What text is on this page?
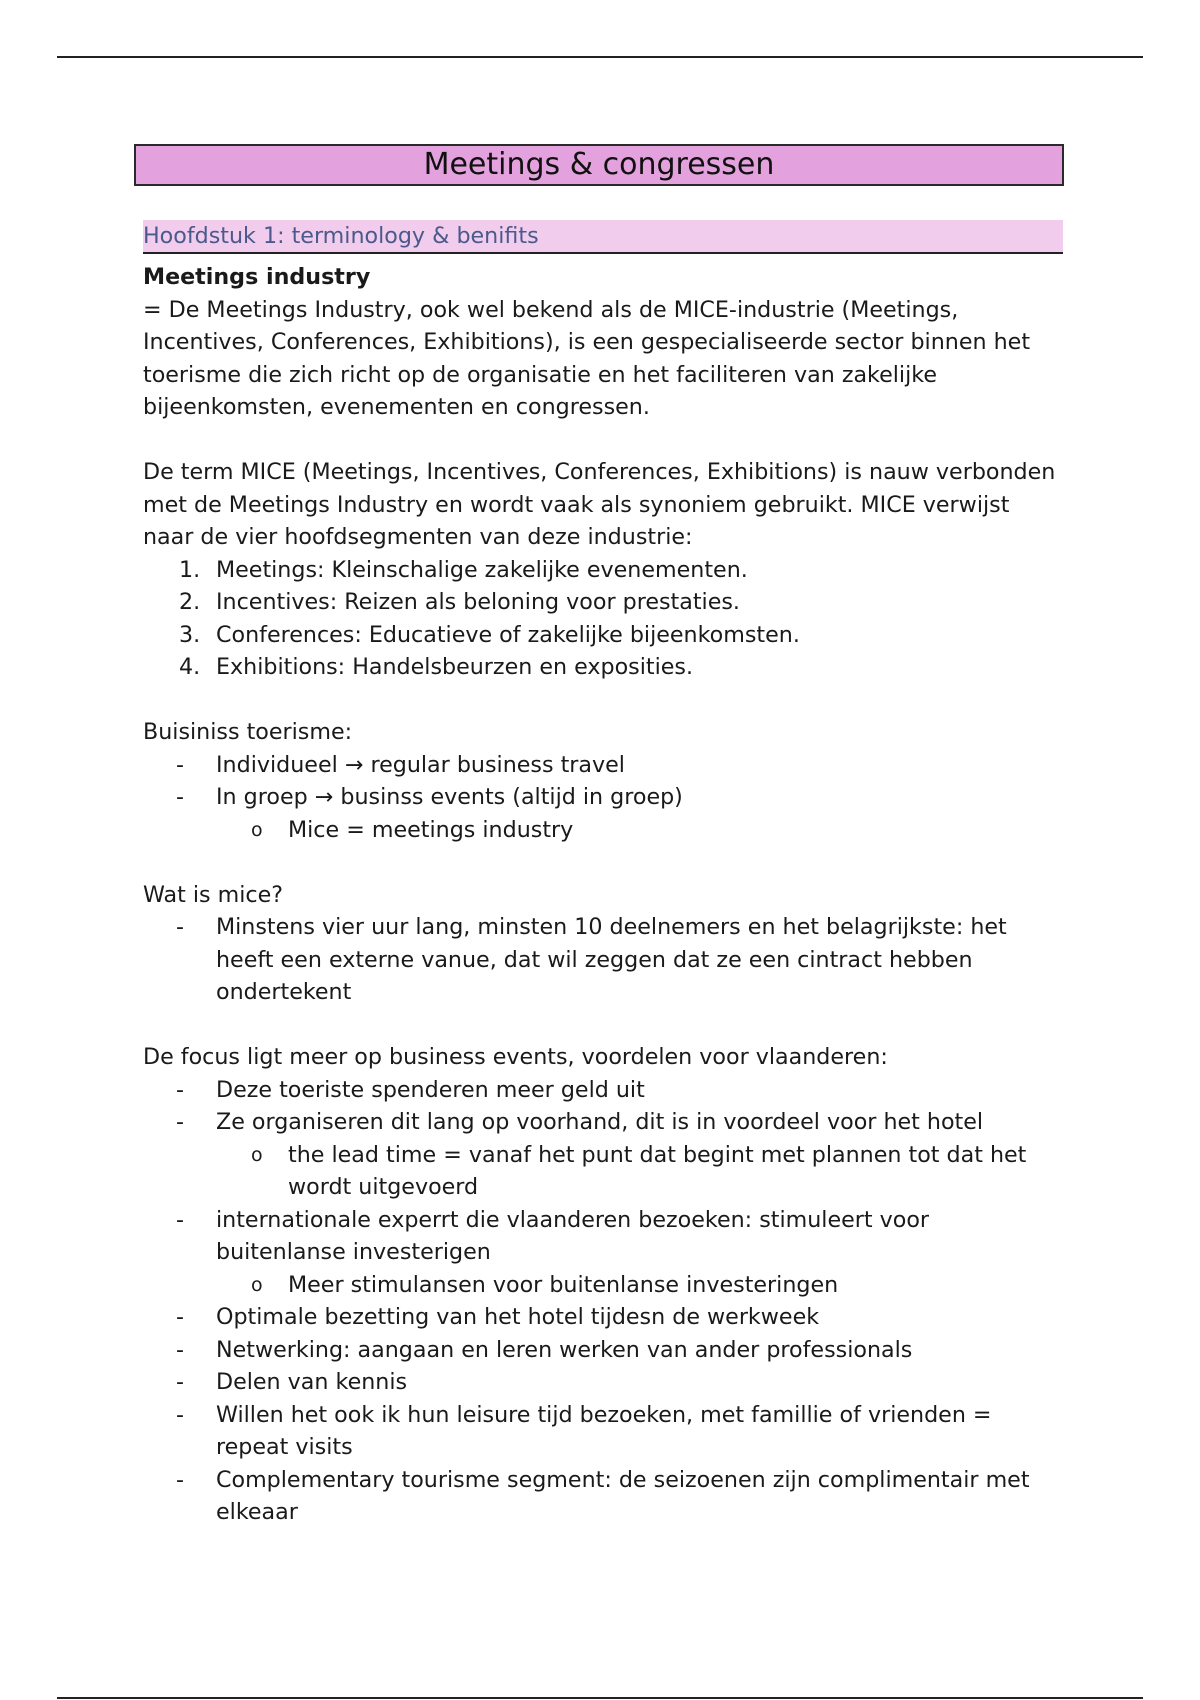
Meetings & congressen
Hoofdstuk 1: terminology & benifits

Meetings industry

= De Meetings Industry, ook wel bekend als de MICE-industrie (Meetings, Incentives, Conferences, Exhibitions), is een gespecialiseerde sector binnen het toerisme die zich richt op de organisatie en het faciliteren van zakelijke bijeenkomsten, evenementen en congressen.

De term MICE (Meetings, Incentives, Conferences, Exhibitions) is nauw verbonden met de Meetings Industry en wordt vaak als synoniem gebruikt. MICE verwijst naar de vier hoofdsegmenten van deze industrie:

1. Meetings: Kleinschalige zakelijke evenementen.
2. Incentives: Reizen als beloning voor prestaties.
3. Conferences: Educatieve of zakelijke bijeenkomsten.
4. Exhibitions: Handelsbeurzen en exposities.

Buisiniss toerisme:

- Individueel → regular business travel
- In groep → businss events (altijd in groep)
o Mice = meetings industry

Wat is mice?

- Minstens vier uur lang, minsten 10 deelnemers en het belagrijkste: het heeft een externe vanue, dat wil zeggen dat ze een cintract hebben ondertekent

De focus ligt meer op business events, voordelen voor vlaanderen:

- Deze toeriste spenderen meer geld uit
- Ze organiseren dit lang op voorhand, dit is in voordeel voor het hotel
o the lead time = vanaf het punt dat begint met plannen tot dat het wordt uitgevoerd
- internationale experrt die vlaanderen bezoeken: stimuleert voor buitenlanse investerigen
o Meer stimulansen voor buitenlanse investeringen
- Optimale bezetting van het hotel tijdesn de werkweek
- Netwerking: aangaan en leren werken van ander professionals
- Delen van kennis
- Willen het ook ik hun leisure tijd bezoeken, met famillie of vrienden = repeat visits
- Complementary tourisme segment: de seizoenen zijn complimentair met elkeaar
